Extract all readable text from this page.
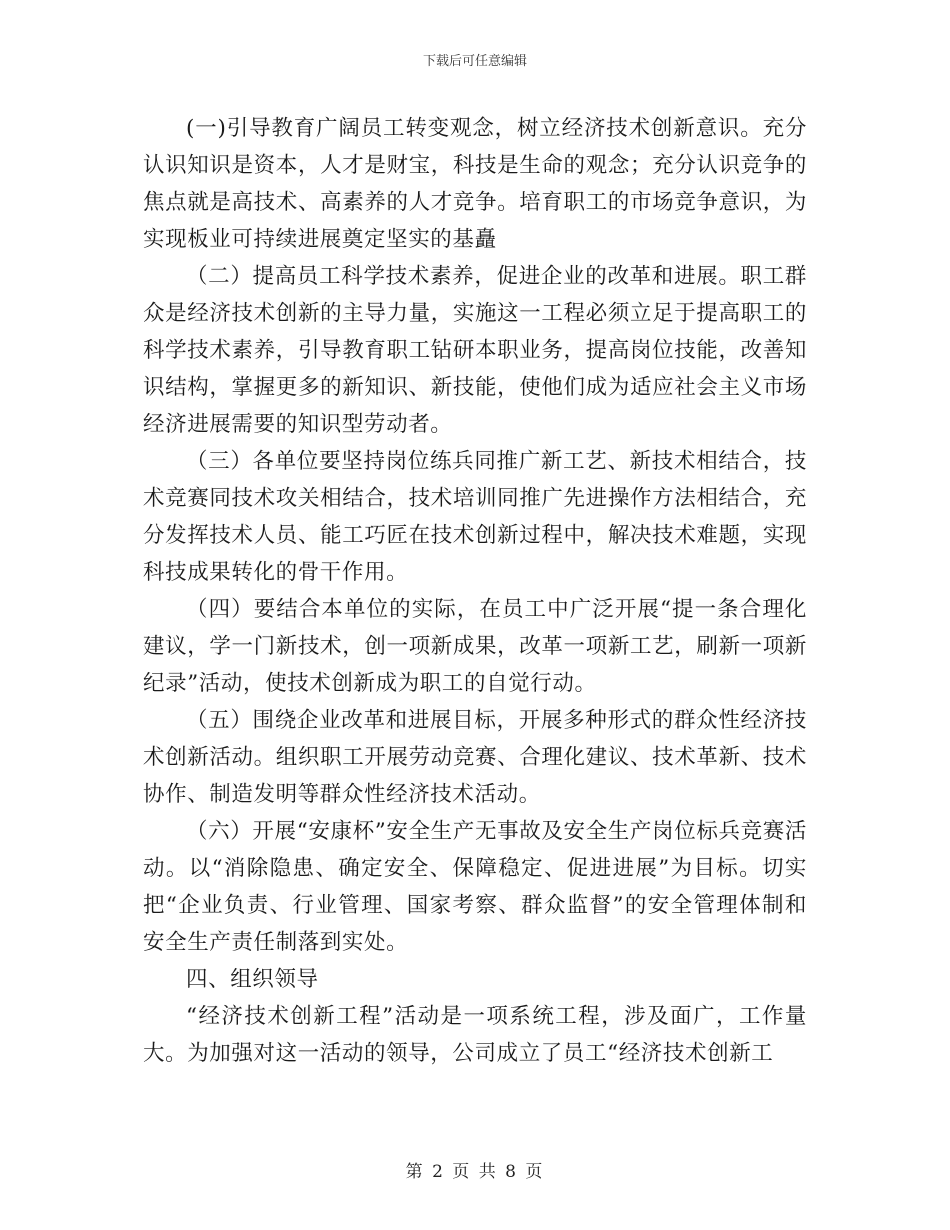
下载后可任意编辑

(一)引导教育广阔员工转变观念，树立经济技术创新意识。充分认识知识是资本，人才是财宝，科技是生命的观念；充分认识竞争的焦点就是高技术、高素养的人才竞争。培育职工的市场竞争意识，为实现板业可持续进展奠定坚实的基矗

（二）提高员工科学技术素养，促进企业的改革和进展。职工群众是经济技术创新的主导力量，实施这一工程必须立足于提高职工的科学技术素养，引导教育职工钻研本职业务，提高岗位技能，改善知识结构，掌握更多的新知识、新技能，使他们成为适应社会主义市场经济进展需要的知识型劳动者。

（三）各单位要坚持岗位练兵同推广新工艺、新技术相结合，技术竞赛同技术攻关相结合，技术培训同推广先进操作方法相结合，充分发挥技术人员、能工巧匠在技术创新过程中，解决技术难题，实现科技成果转化的骨干作用。

（四）要结合本单位的实际，在员工中广泛开展“提一条合理化建议，学一门新技术，创一项新成果，改革一项新工艺，刷新一项新纪录”活动，使技术创新成为职工的自觉行动。

（五）围绕企业改革和进展目标，开展多种形式的群众性经济技术创新活动。组织职工开展劳动竞赛、合理化建议、技术革新、技术协作、制造发明等群众性经济技术活动。

（六）开展“安康杯”安全生产无事故及安全生产岗位标兵竞赛活动。以“消除隐患、确定安全、保障稳定、促进进展”为目标。切实把“企业负责、行业管理、国家考察、群众监督”的安全管理体制和安全生产责任制落到实处。

四、组织领导

“经济技术创新工程”活动是一项系统工程，涉及面广，工作量大。为加强对这一活动的领导，公司成立了员工“经济技术创新工

第 2 页 共 8 页
